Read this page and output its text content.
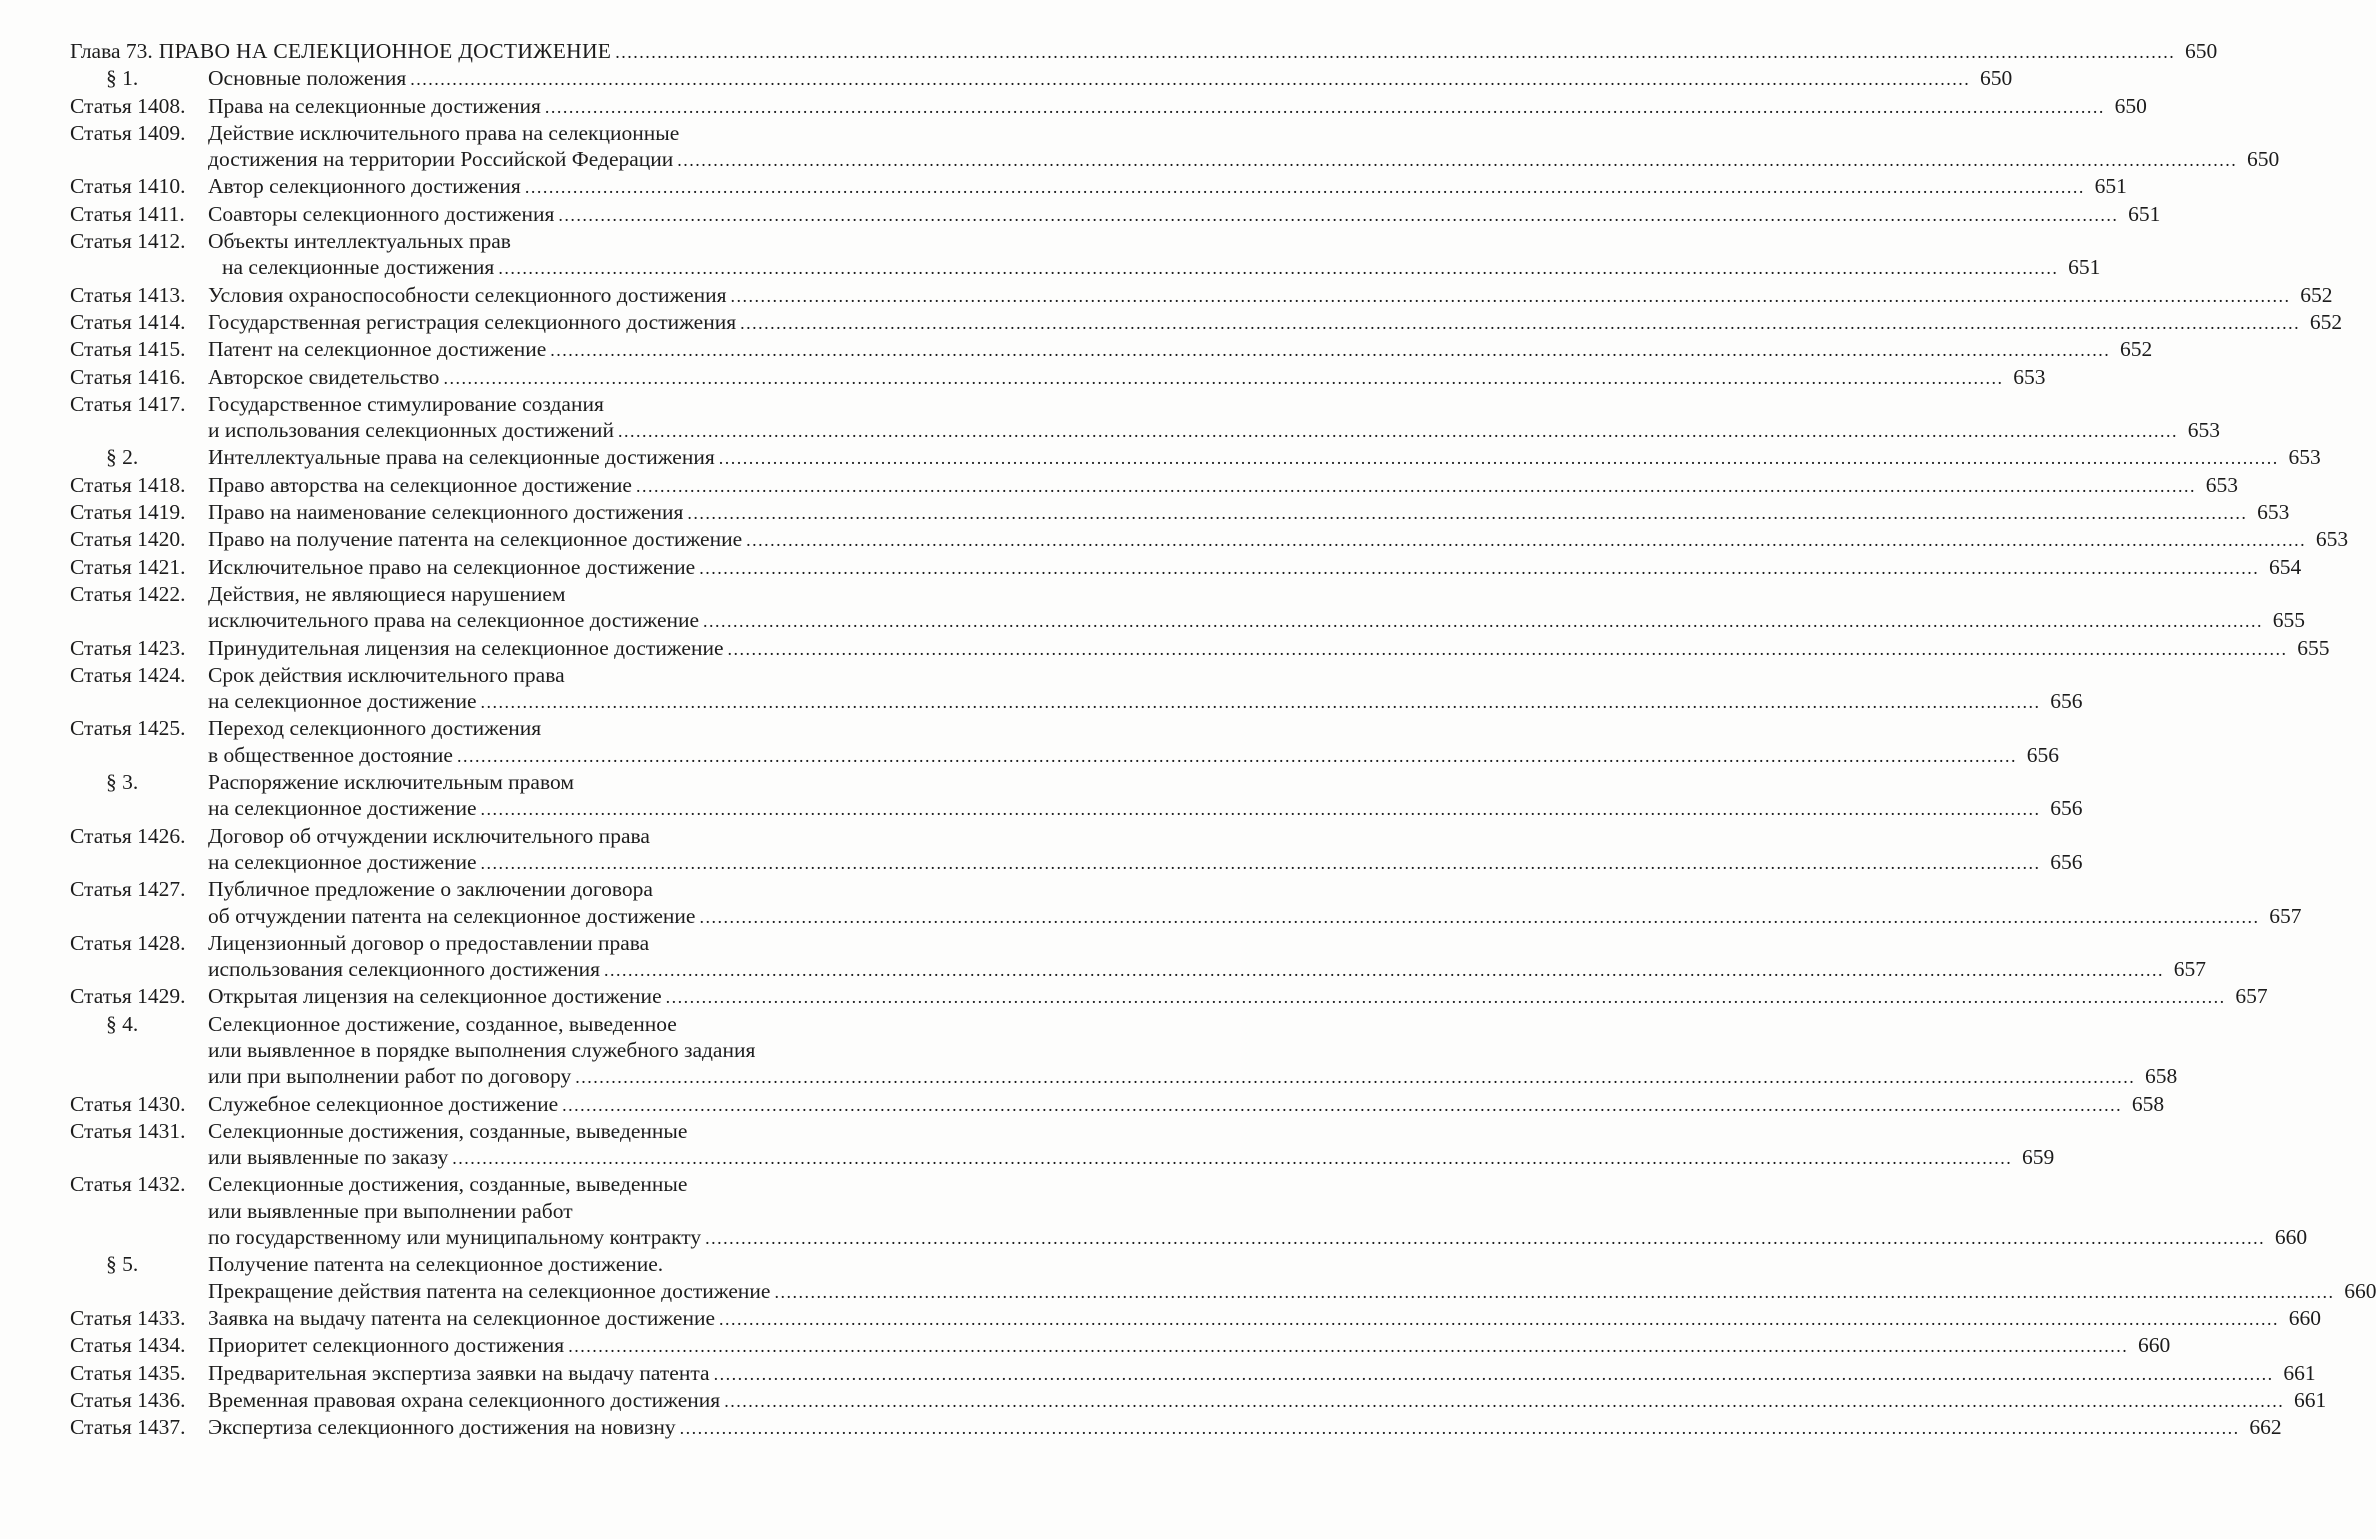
Глава 73. ПРАВО НА СЕЛЕКЦИОННОЕ ДОСТИЖЕНИЕ .................................................................................................................................................................................................................................................................... 650
§ 1.	Основные положения .................................................................................................................................................................................................................................................................... 650
Статья 1408.	Права на селекционные достижения .................................................................................................................................................................................................................................................................... 650
Статья 1409.	Действие исключительного права на селекционные
достижения на территории Российской Федерации .................................................................................................................................................................................................................................................................... 650
Статья 1410.	Автор селекционного достижения .................................................................................................................................................................................................................................................................... 651
Статья 1411.	Соавторы селекционного достижения .................................................................................................................................................................................................................................................................... 651
Статья 1412.	Объекты интеллектуальных прав
на селекционные достижения .................................................................................................................................................................................................................................................................... 651
Статья 1413.	Условия охраноспособности селекционного достижения .................................................................................................................................................................................................................................................................... 652
Статья 1414.	Государственная регистрация селекционного достижения .................................................................................................................................................................................................................................................................... 652
Статья 1415.	Патент на селекционное достижение .................................................................................................................................................................................................................................................................... 652
Статья 1416.	Авторское свидетельство .................................................................................................................................................................................................................................................................... 653
Статья 1417.	Государственное стимулирование создания
и использования селекционных достижений .................................................................................................................................................................................................................................................................... 653
§ 2.	Интеллектуальные права на селекционные достижения .................................................................................................................................................................................................................................................................... 653
Статья 1418.	Право авторства на селекционное достижение .................................................................................................................................................................................................................................................................... 653
Статья 1419.	Право на наименование селекционного достижения .................................................................................................................................................................................................................................................................... 653
Статья 1420.	Право на получение патента на селекционное достижение .................................................................................................................................................................................................................................................................... 653
Статья 1421.	Исключительное право на селекционное достижение .................................................................................................................................................................................................................................................................... 654
Статья 1422.	Действия, не являющиеся нарушением
исключительного права на селекционное достижение .................................................................................................................................................................................................................................................................... 655
Статья 1423.	Принудительная лицензия на селекционное достижение .................................................................................................................................................................................................................................................................... 655
Статья 1424.	Срок действия исключительного права
на селекционное достижение .................................................................................................................................................................................................................................................................... 656
Статья 1425.	Переход селекционного достижения
в общественное достояние .................................................................................................................................................................................................................................................................... 656
§ 3.	Распоряжение исключительным правом
на селекционное достижение .................................................................................................................................................................................................................................................................... 656
Статья 1426.	Договор об отчуждении исключительного права
на селекционное достижение .................................................................................................................................................................................................................................................................... 656
Статья 1427.	Публичное предложение о заключении договора
об отчуждении патента на селекционное достижение .................................................................................................................................................................................................................................................................... 657
Статья 1428.	Лицензионный договор о предоставлении права
использования селекционного достижения .................................................................................................................................................................................................................................................................... 657
Статья 1429.	Открытая лицензия на селекционное достижение .................................................................................................................................................................................................................................................................... 657
§ 4.	Селекционное достижение, созданное, выведенное
или выявленное в порядке выполнения служебного задания
или при выполнении работ по договору .................................................................................................................................................................................................................................................................... 658
Статья 1430.	Служебное селекционное достижение .................................................................................................................................................................................................................................................................... 658
Статья 1431.	Селекционные достижения, созданные, выведенные
или выявленные по заказу .................................................................................................................................................................................................................................................................... 659
Статья 1432.	Селекционные достижения, созданные, выведенные
или выявленные при выполнении работ
по государственному или муниципальному контракту .................................................................................................................................................................................................................................................................... 660
§ 5.	Получение патента на селекционное достижение.
Прекращение действия патента на селекционное достижение .................................................................................................................................................................................................................................................................... 660
Статья 1433.	Заявка на выдачу патента на селекционное достижение .................................................................................................................................................................................................................................................................... 660
Статья 1434.	Приоритет селекционного достижения .................................................................................................................................................................................................................................................................... 660
Статья 1435.	Предварительная экспертиза заявки на выдачу патента .................................................................................................................................................................................................................................................................... 661
Статья 1436.	Временная правовая охрана селекционного достижения .................................................................................................................................................................................................................................................................... 661
Статья 1437.	Экспертиза селекционного достижения на новизну .................................................................................................................................................................................................................................................................... 662
